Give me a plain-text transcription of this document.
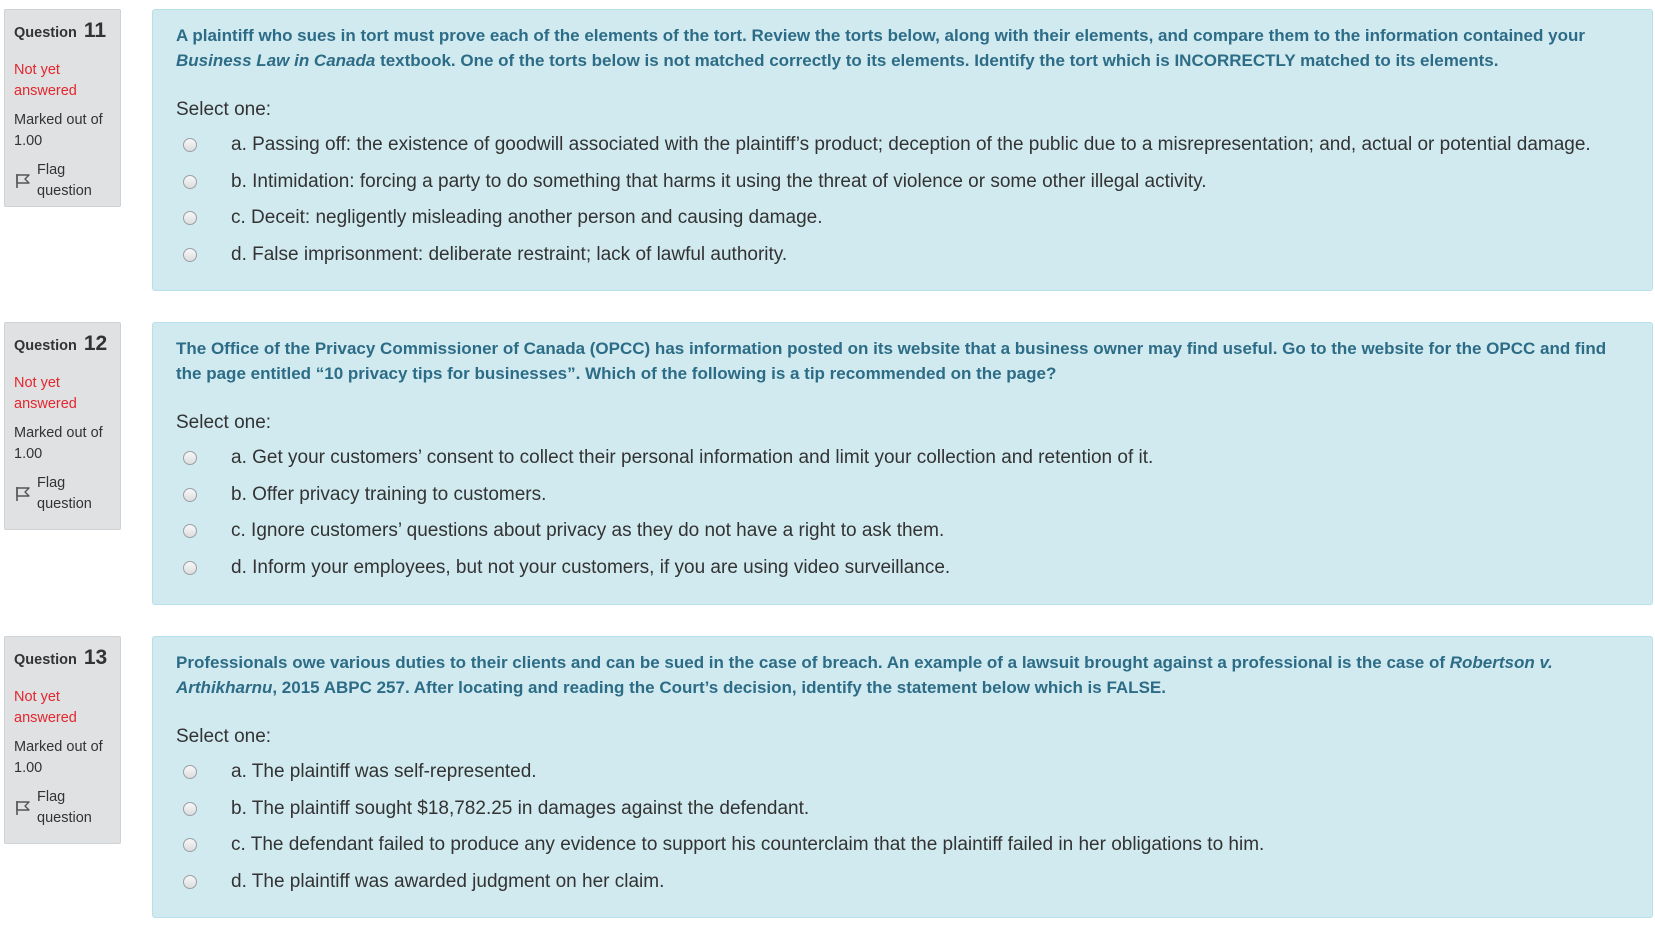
Question 11
Not yet answered
Marked out of 1.00
Flag question
A plaintiff who sues in tort must prove each of the elements of the tort. Review the torts below, along with their elements, and compare them to the information contained your Business Law in Canada textbook. One of the torts below is not matched correctly to its elements. Identify the tort which is INCORRECTLY matched to its elements.
Select one:
a. Passing off: the existence of goodwill associated with the plaintiff’s product; deception of the public due to a misrepresentation; and, actual or potential damage.
b. Intimidation: forcing a party to do something that harms it using the threat of violence or some other illegal activity.
c. Deceit: negligently misleading another person and causing damage.
d. False imprisonment: deliberate restraint; lack of lawful authority.
Question 12
Not yet answered
Marked out of 1.00
Flag question
The Office of the Privacy Commissioner of Canada (OPCC) has information posted on its website that a business owner may find useful. Go to the website for the OPCC and find the page entitled “10 privacy tips for businesses”. Which of the following is a tip recommended on the page?
Select one:
a. Get your customers’ consent to collect their personal information and limit your collection and retention of it.
b. Offer privacy training to customers.
c. Ignore customers’ questions about privacy as they do not have a right to ask them.
d. Inform your employees, but not your customers, if you are using video surveillance.
Question 13
Not yet answered
Marked out of 1.00
Flag question
Professionals owe various duties to their clients and can be sued in the case of breach. An example of a lawsuit brought against a professional is the case of Robertson v. Arthikharnu, 2015 ABPC 257. After locating and reading the Court’s decision, identify the statement below which is FALSE.
Select one:
a. The plaintiff was self-represented.
b. The plaintiff sought $18,782.25 in damages against the defendant.
c. The defendant failed to produce any evidence to support his counterclaim that the plaintiff failed in her obligations to him.
d. The plaintiff was awarded judgment on her claim.
